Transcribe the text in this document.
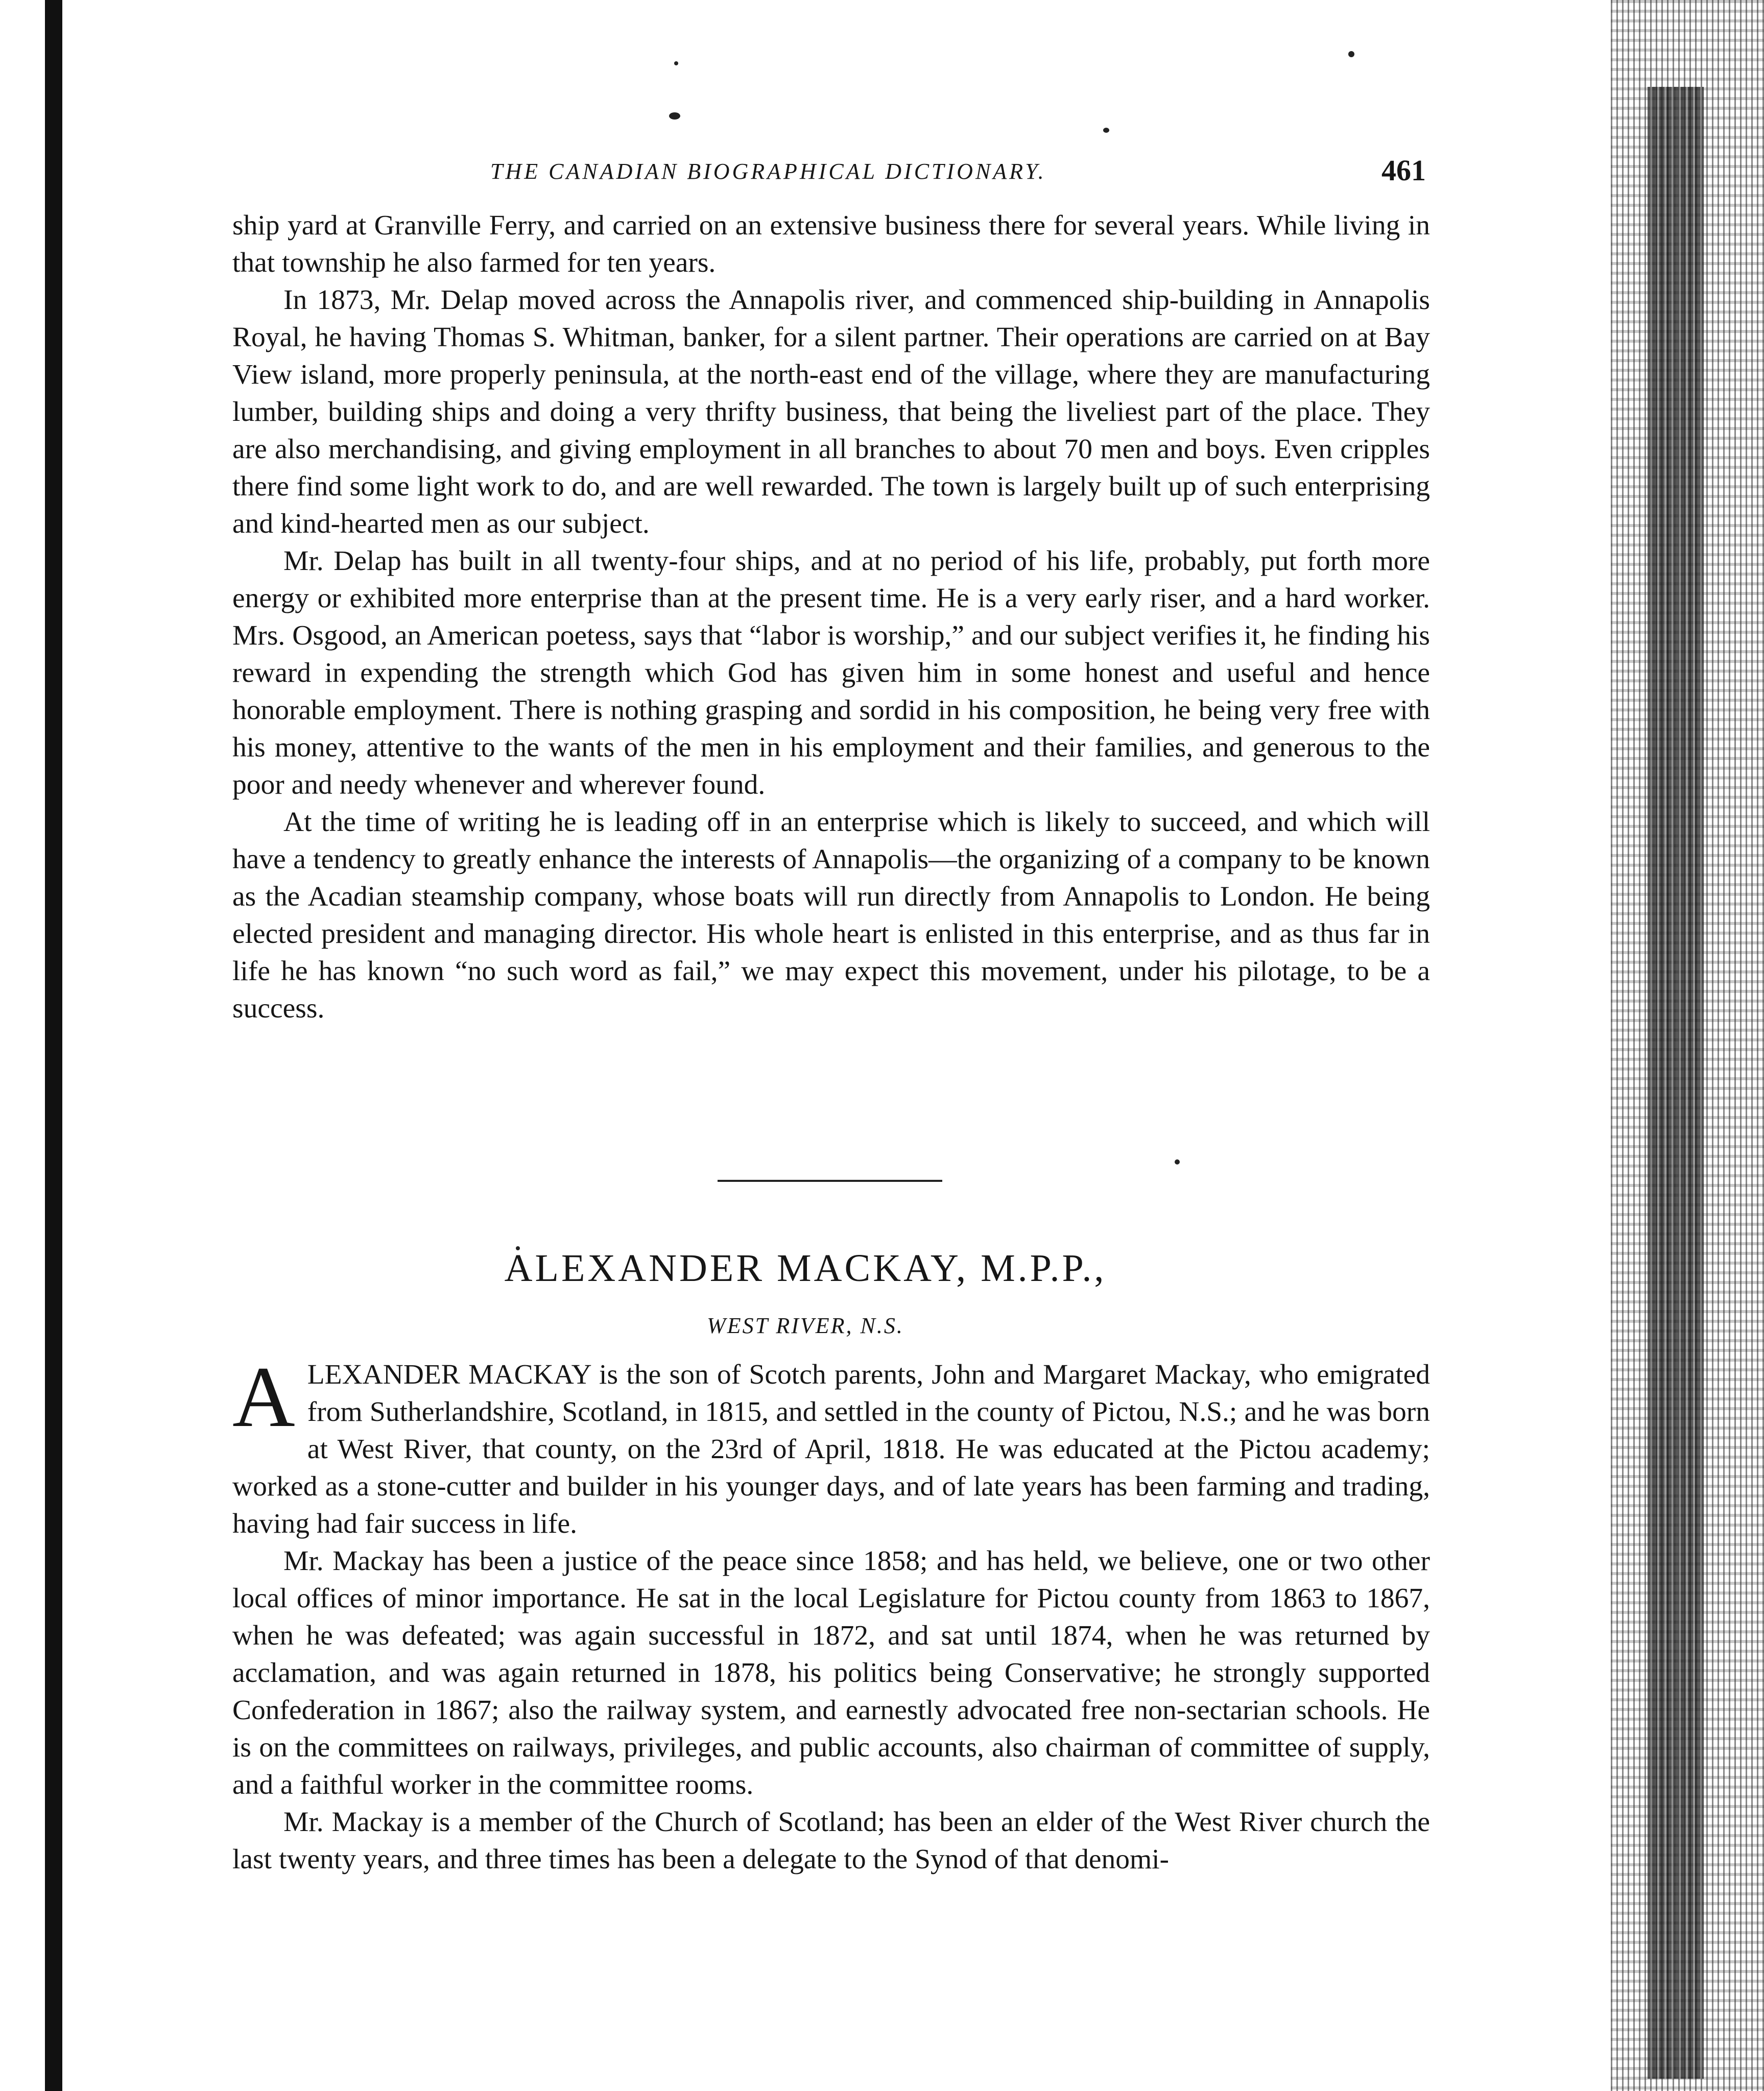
THE CANADIAN BIOGRAPHICAL DICTIONARY.	461

ship yard at Granville Ferry, and carried on an extensive business there for several years. While living in that township he also farmed for ten years.

In 1873, Mr. Delap moved across the Annapolis river, and commenced ship-building in Annapolis Royal, he having Thomas S. Whitman, banker, for a silent partner. Their operations are carried on at Bay View island, more properly peninsula, at the north-east end of the village, where they are manufacturing lumber, building ships and doing a very thrifty business, that being the liveliest part of the place. They are also merchandising, and giving employment in all branches to about 70 men and boys. Even cripples there find some light work to do, and are well rewarded. The town is largely built up of such enterprising and kind-hearted men as our subject.

Mr. Delap has built in all twenty-four ships, and at no period of his life, probably, put forth more energy or exhibited more enterprise than at the present time. He is a very early riser, and a hard worker. Mrs. Osgood, an American poetess, says that “labor is worship,” and our subject verifies it, he finding his reward in expending the strength which God has given him in some honest and useful and hence honorable employment. There is nothing grasping and sordid in his composition, he being very free with his money, attentive to the wants of the men in his employment and their families, and generous to the poor and needy whenever and wherever found.

At the time of writing he is leading off in an enterprise which is likely to succeed, and which will have a tendency to greatly enhance the interests of Annapolis—the organizing of a company to be known as the Acadian steamship company, whose boats will run directly from Annapolis to London. He being elected president and managing director. His whole heart is enlisted in this enterprise, and as thus far in life he has known “no such word as fail,” we may expect this movement, under his pilotage, to be a success.

ALEXANDER MACKAY, M.P.P.,
WEST RIVER, N.S.

ALEXANDER MACKAY is the son of Scotch parents, John and Margaret Mackay, who emigrated from Sutherlandshire, Scotland, in 1815, and settled in the county of Pictou, N.S.; and he was born at West River, that county, on the 23rd of April, 1818. He was educated at the Pictou academy; worked as a stone-cutter and builder in his younger days, and of late years has been farming and trading, having had fair success in life.

Mr. Mackay has been a justice of the peace since 1858; and has held, we believe, one or two other local offices of minor importance. He sat in the local Legislature for Pictou county from 1863 to 1867, when he was defeated; was again successful in 1872, and sat until 1874, when he was returned by acclamation, and was again returned in 1878, his politics being Conservative; he strongly supported Confederation in 1867; also the railway system, and earnestly advocated free non-sectarian schools. He is on the committees on railways, privileges, and public accounts, also chairman of committee of supply, and a faithful worker in the committee rooms.

Mr. Mackay is a member of the Church of Scotland; has been an elder of the West River church the last twenty years, and three times has been a delegate to the Synod of that denomi-
